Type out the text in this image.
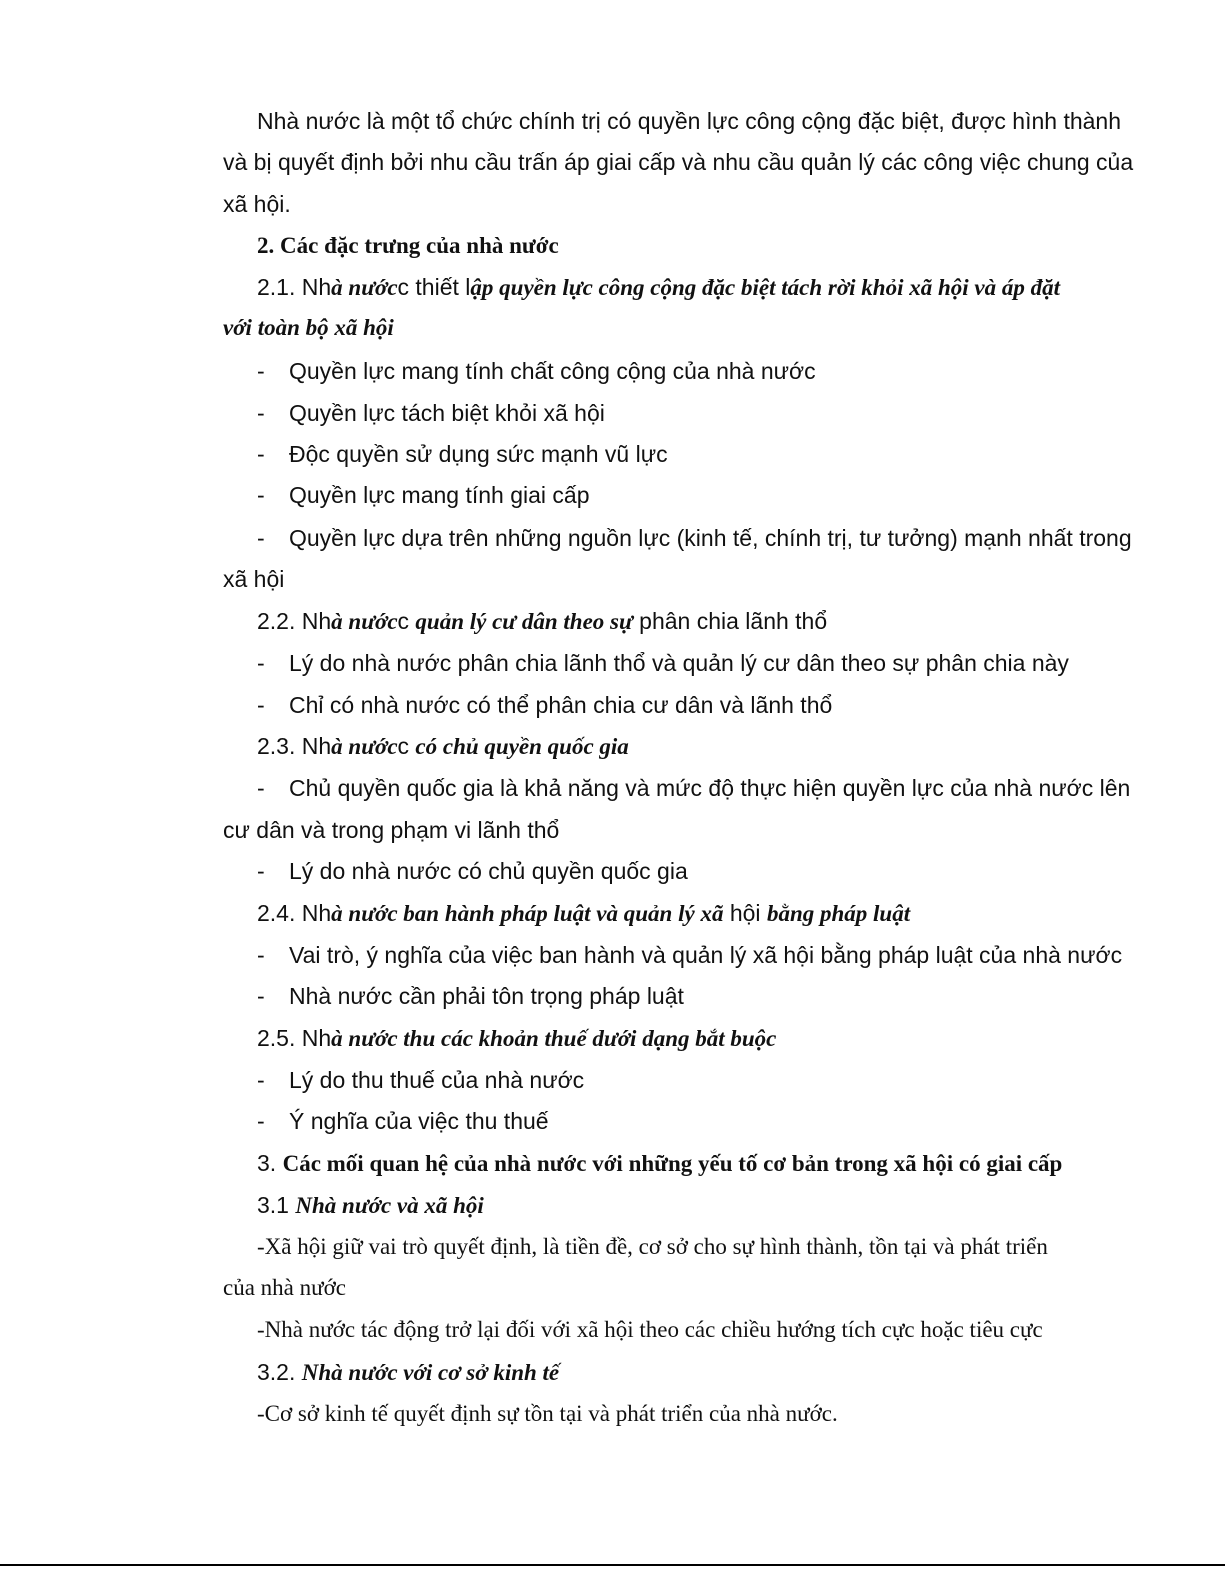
Nhà nước là một tổ chức chính trị có quyền lực công cộng đặc biệt, được hình thành
và bị quyết định bởi nhu cầu trấn áp giai cấp và nhu cầu quản lý các công việc chung của
xã hội.
2. Các đặc trưng của nhà nước
2.1. Nhà nướcc thiết lập quyền lực công cộng đặc biệt tách rời khỏi xã hội và áp đặt
với toàn bộ xã hội
- Quyền lực mang tính chất công cộng của nhà nước
- Quyền lực tách biệt khỏi xã hội
- Độc quyền sử dụng sức mạnh vũ lực
- Quyền lực mang tính giai cấp
- Quyền lực dựa trên những nguồn lực (kinh tế, chính trị, tư tưởng) mạnh nhất trong
xã hội
2.2. Nhà nướcc quản lý cư dân theo sự phân chia lãnh thổ
- Lý do nhà nước phân chia lãnh thổ và quản lý cư dân theo sự phân chia này
- Chỉ có nhà nước có thể phân chia cư dân và lãnh thổ
2.3. Nhà nướcc có chủ quyền quốc gia
- Chủ quyền quốc gia là khả năng và mức độ thực hiện quyền lực của nhà nước lên
cư dân và trong phạm vi lãnh thổ
- Lý do nhà nước có chủ quyền quốc gia
2.4. Nhà nước ban hành pháp luật và quản lý xã hội bằng pháp luật
- Vai trò, ý nghĩa của việc ban hành và quản lý xã hội bằng pháp luật của nhà nước
- Nhà nước cần phải tôn trọng pháp luật
2.5. Nhà nước thu các khoản thuế dưới dạng bắt buộc
- Lý do thu thuế của nhà nước
- Ý nghĩa của việc thu thuế
3. Các mối quan hệ của nhà nước với những yếu tố cơ bản trong xã hội có giai cấp
3.1 Nhà nước và xã hội
-Xã hội giữ vai trò quyết định, là tiền đề, cơ sở cho sự hình thành, tồn tại và phát triển
của nhà nước
-Nhà nước tác động trở lại đối với xã hội theo các chiều hướng tích cực hoặc tiêu cực
3.2. Nhà nước với cơ sở kinh tế
-Cơ sở kinh tế quyết định sự tồn tại và phát triển của nhà nước.
